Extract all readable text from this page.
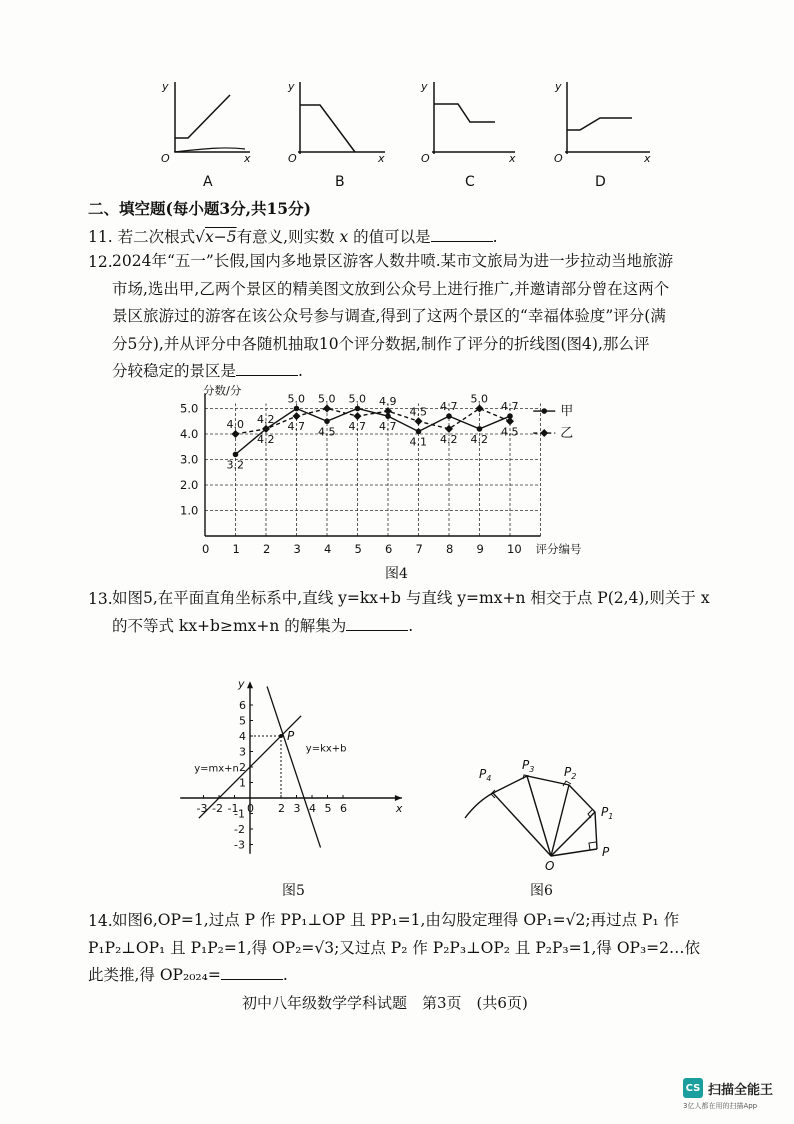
y
x
O
y
x
O
y
x
O
y
x
O
A	B	C	D
二、填空题(每小题3分,共15分)
11. 若二次根式√x−5有意义,则实数 x 的值可以是	.
12. 2024年“五一”长假,国内多地景区游客人数井喷.某市文旅局为进一步拉动当地旅游
市场,选出甲,乙两个景区的精美图文放到公众号上进行推广,并邀请部分曾在这两个
景区旅游过的游客在该公众号参与调查,得到了这两个景区的“幸福体验度”评分(满
分5分),并从评分中各随机抽取10个评分数据,制作了评分的折线图(图4),那么评
分较稳定的景区是	.
1.0
2.0
3.0
4.0
5.0
0 1 2 3 4 5 6 7 8 9 10
分数/分
评分编号
3.2
4.2
5.0
4.5
5.0
4.7
4.1
4.7
4.2
4.7
4.0 4.2
4.7
5.0
4.7
4.9
4.5
4.2
5.0
4.5
甲
乙
图4
13. 如图5,在平面直角坐标系中,直线 y=kx+b 与直线 y=mx+n 相交于点 P(2,4),则关于 x
的不等式 kx+b≥mx+n 的解集为	.
-3 -2 -1 0 2 3 4 5 6
6
5
4
3
2
1
-1
-2
-3
y
x
P
y=mx+n
y=kx+b
图5
$P_4$
$P_3$ $P_2$
$P_1$
P
O
图6
14. 如图6,OP=1,过点 P 作 PP₁⊥OP 且 PP₁=1,由勾股定理得 OP₁=√2;再过点 P₁ 作
P₁P₂⊥OP₁ 且 P₁P₂=1,得 OP₂=√3;又过点 P₂ 作 P₂P₃⊥OP₂ 且 P₂P₃=1,得 OP₃=2…依
此类推,得 OP₂₀₂₄=	.
初中八年级数学学科试题　第3页　(共6页)
CS 扫描全能王
3亿人都在用的扫描App
